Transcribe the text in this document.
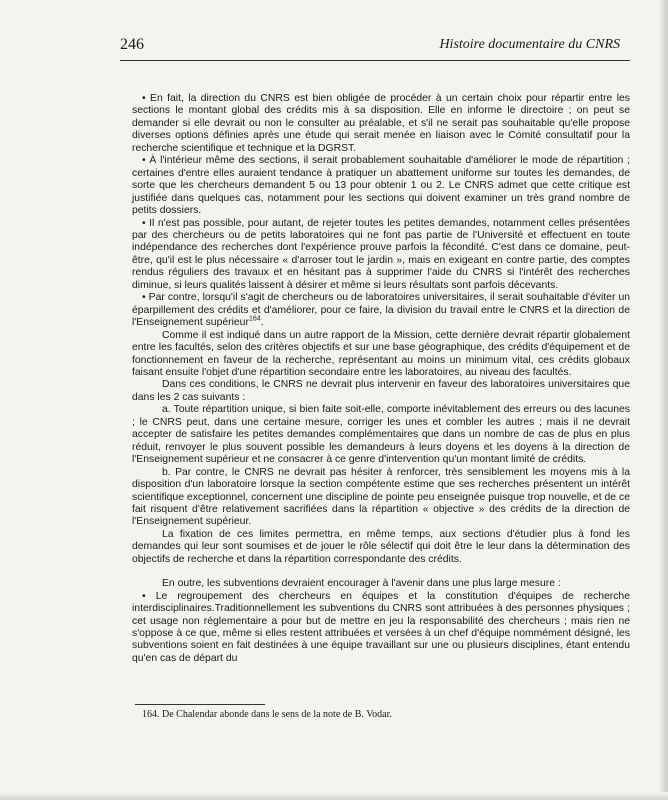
246	Histoire documentaire du CNRS

• En fait, la direction du CNRS est bien obligée de procéder à un certain choix pour répartir entre les sections le montant global des crédits mis à sa disposition. Elle en informe le directoire ; on peut se demander si elle devrait ou non le consulter au préalable, et s'il ne serait pas souhaitable qu'elle propose diverses options définies après une étude qui serait menée en liaison avec le Comité consultatif pour la recherche scientifique et technique et la DGRST.

• À l'intérieur même des sections, il serait probablement souhaitable d'améliorer le mode de répartition ; certaines d'entre elles auraient tendance à pratiquer un abattement uniforme sur toutes les demandes, de sorte que les chercheurs demandent 5 ou 13 pour obtenir 1 ou 2. Le CNRS admet que cette critique est justifiée dans quelques cas, notamment pour les sections qui doivent examiner un très grand nombre de petits dossiers.

• Il n'est pas possible, pour autant, de rejeter toutes les petites demandes, notamment celles présentées par des chercheurs ou de petits laboratoires qui ne font pas partie de l'Université et effectuent en toute indépendance des recherches dont l'expérience prouve parfois la fécondité. C'est dans ce domaine, peut-être, qu'il est le plus nécessaire « d'arroser tout le jardin », mais en exigeant en contre partie, des comptes rendus réguliers des travaux et en hésitant pas à supprimer l'aide du CNRS si l'intérêt des recherches diminue, si leurs qualités laissent à désirer et même si leurs résultats sont parfois décevants.

• Par contre, lorsqu'il s'agit de chercheurs ou de laboratoires universitaires, il serait souhaitable d'éviter un éparpillement des crédits et d'améliorer, pour ce faire, la division du travail entre le CNRS et la direction de l'Enseignement supérieur$^{164}$.

Comme il est indiqué dans un autre rapport de la Mission, cette dernière devrait répartir globalement entre les facultés, selon des critères objectifs et sur une base géographique, des crédits d'équipement et de fonctionnement en faveur de la recherche, représentant au moins un minimum vital, ces crédits globaux faisant ensuite l'objet d'une répartition secondaire entre les laboratoires, au niveau des facultés.

Dans ces conditions, le CNRS ne devrait plus intervenir en faveur des laboratoires universitaires que dans les 2 cas suivants :

a. Toute répartition unique, si bien faite soit-elle, comporte inévitablement des erreurs ou des lacunes ; le CNRS peut, dans une certaine mesure, corriger les unes et combler les autres ; mais il ne devrait accepter de satisfaire les petites demandes complémentaires que dans un nombre de cas de plus en plus réduit, renvoyer le plus souvent possible les demandeurs à leurs doyens et les doyens à la direction de l'Enseignement supérieur et ne consacrer à ce genre d'intervention qu'un montant limité de crédits.

b. Par contre, le CNRS ne devrait pas hésiter à renforcer, très sensiblement les moyens mis à la disposition d'un laboratoire lorsque la section compétente estime que ses recherches présentent un intérêt scientifique exceptionnel, concernent une discipline de pointe peu enseignée puisque trop nouvelle, et de ce fait risquent d'être relativement sacrifiées dans la répartition « objective » des crédits de la direction de l'Enseignement supérieur.

La fixation de ces limites permettra, en même temps, aux sections d'étudier plus à fond les demandes qui leur sont soumises et de jouer le rôle sélectif qui doit être le leur dans la détermination des objectifs de recherche et dans la répartition correspondante des crédits.

En outre, les subventions devraient encourager à l'avenir dans une plus large mesure :

• Le regroupement des chercheurs en équipes et la constitution d'équipes de recherche interdisciplinaires.Traditionnellement les subventions du CNRS sont attribuées à des personnes physiques ; cet usage non réglementaire a pour but de mettre en jeu la responsabilité des chercheurs ; mais rien ne s'oppose à ce que, même si elles restent attribuées et versées à un chef d'équipe nommément désigné, les subventions soient en fait destinées à une équipe travaillant sur une ou plusieurs disciplines, étant entendu qu'en cas de départ du

164. De Chalendar abonde dans le sens de la note de B. Vodar.
